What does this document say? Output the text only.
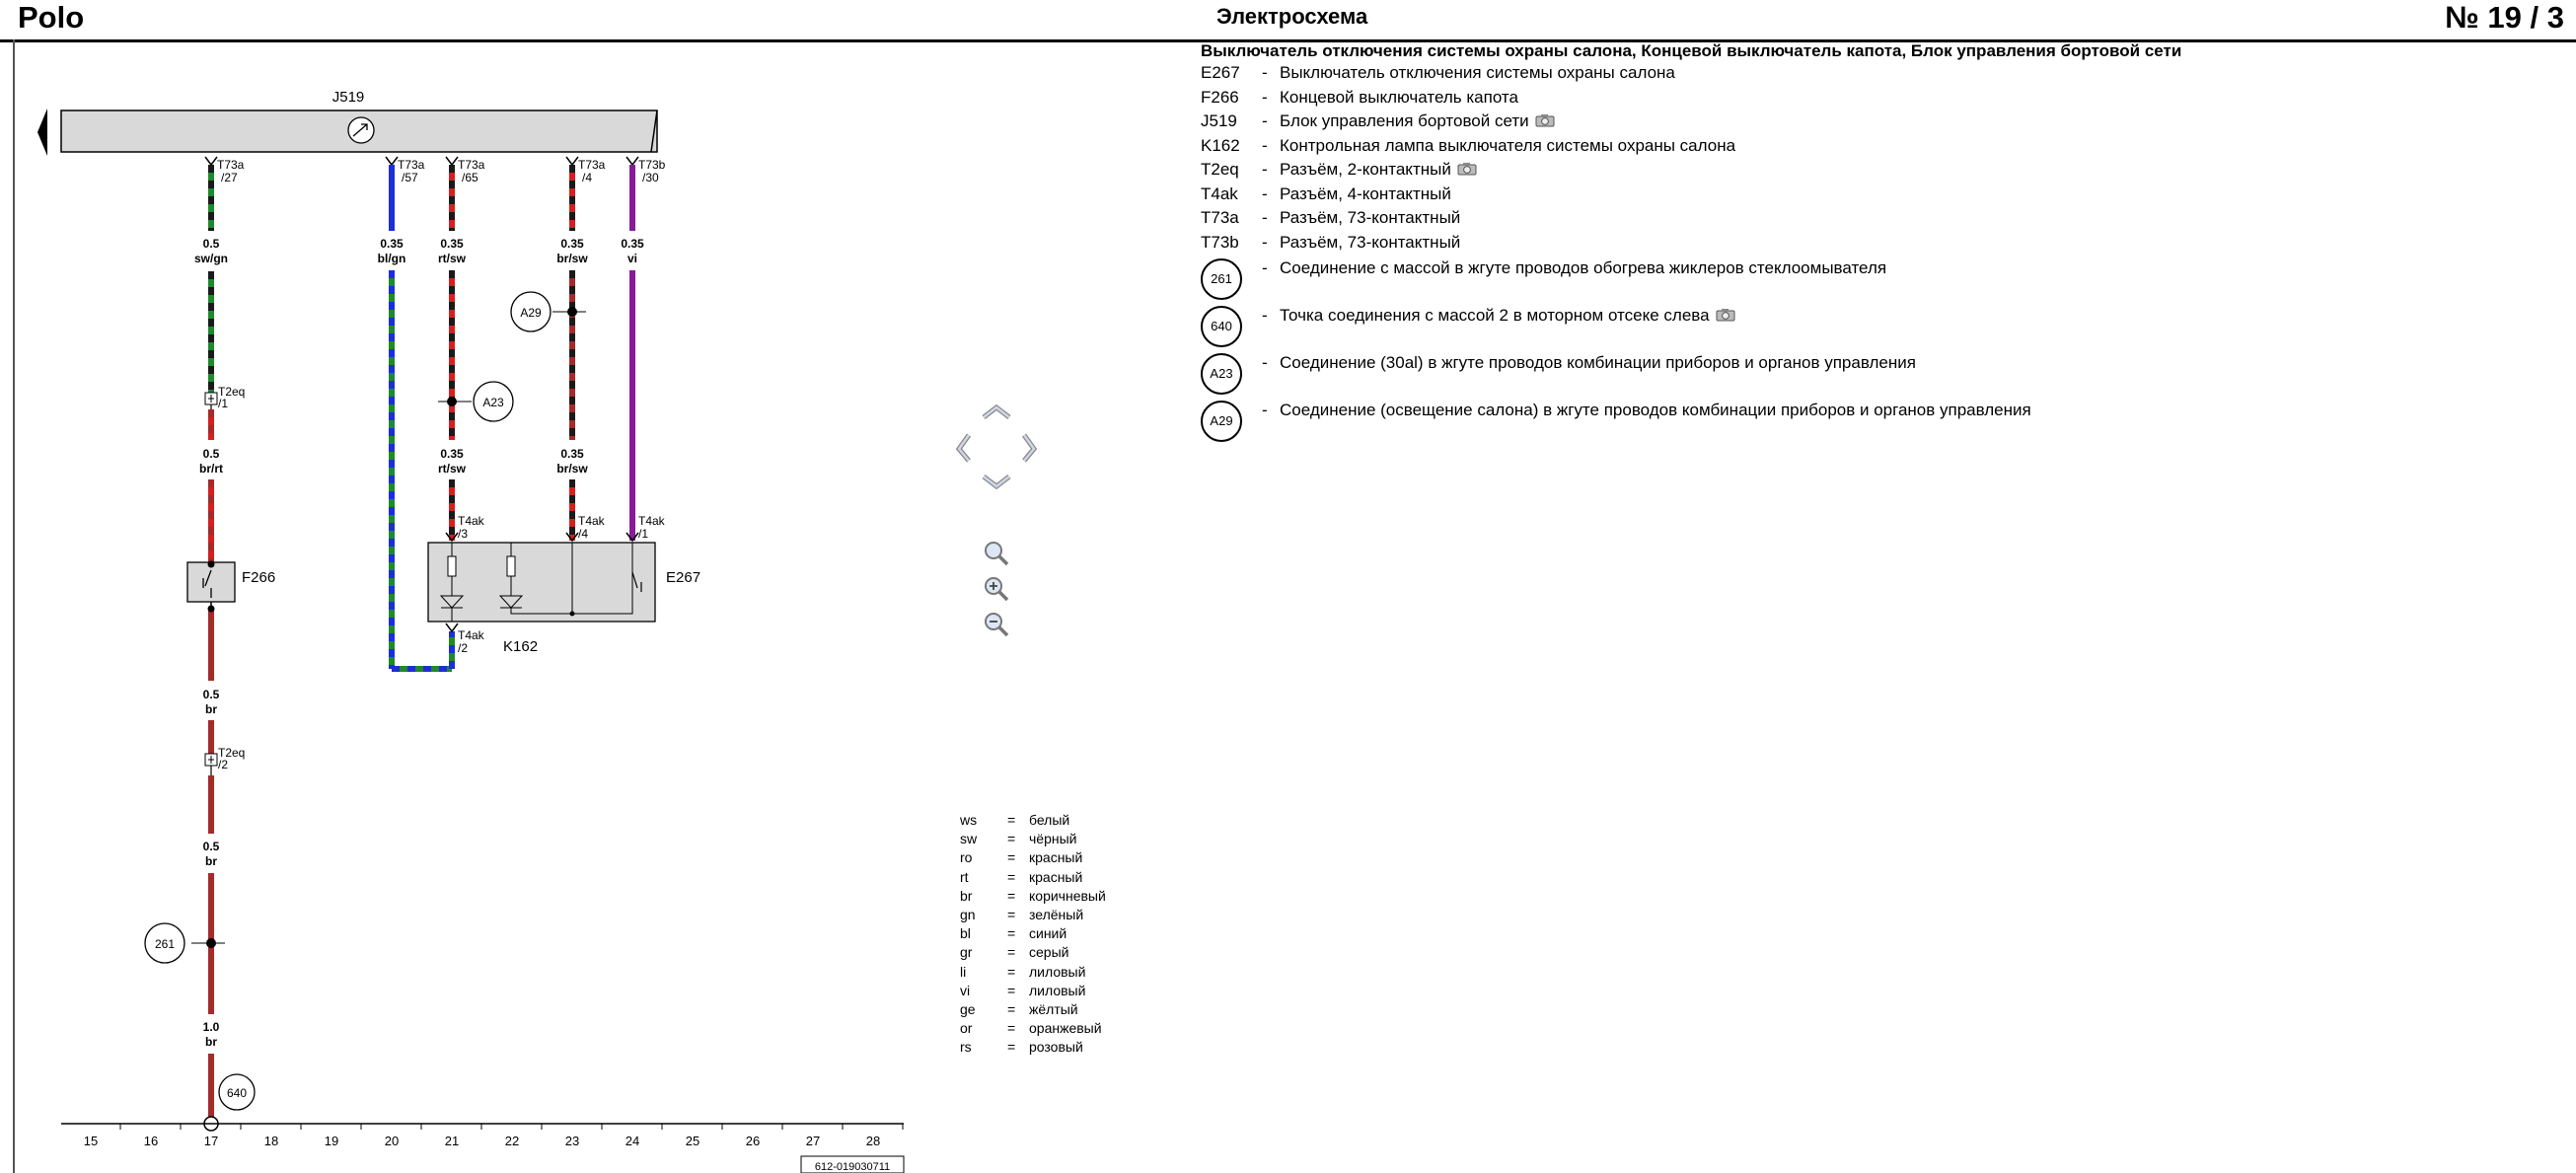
Polo	Электросхема	№ 19 / 3
J519
T73a
/27
T73a
/57
T73a
/65
T73a
/4
T73b
/30
0.5
sw/gn
0.35
bl/gn
0.35
rt/sw
0.35
br/sw
0.35
vi
0.5
br/rt
0.35
rt/sw
0.35
br/sw
0.5
br
0.5
br
1.0
br
T2eq
/1
T2eq
/2
F266	E267
T4ak
/3
T4ak
/4
T4ak
/1
T4ak
/2 K162
A29
A23
261
640
15	16	17	18	19	20	21	22	23	24	25	26	27	28
612-019030711
ws = белый
sw = чёрный
ro	= красный
rt	= красный
br	= коричневый
gn = зелёный
bl	= синий
gr	= серый
li	= лиловый
vi	= лиловый
ge = жёлтый
or	= оранжевый
rs	= розовый
Выключатель отключения системы охраны салона, Концевой выключатель капота, Блок управления бортовой сети
E267 - Выключатель отключения системы охраны салона
F266 - Концевой выключатель капота
J519 - Блок управления бортовой сети
K162 - Контрольная лампа выключателя системы охраны салона
T2eq - Разъём, 2-контактный
T4ak - Разъём, 4-контактный
T73a - Разъём, 73-контактный
T73b - Разъём, 73-контактный
261
- Соединение с массой в жгуте проводов обогрева жиклеров стеклоомывателя
640
- Точка соединения с массой 2 в моторном отсеке слева
A23
- Соединение (30al) в жгуте проводов комбинации приборов и органов управления
A29
- Соединение (освещение салона) в жгуте проводов комбинации приборов и органов управления
